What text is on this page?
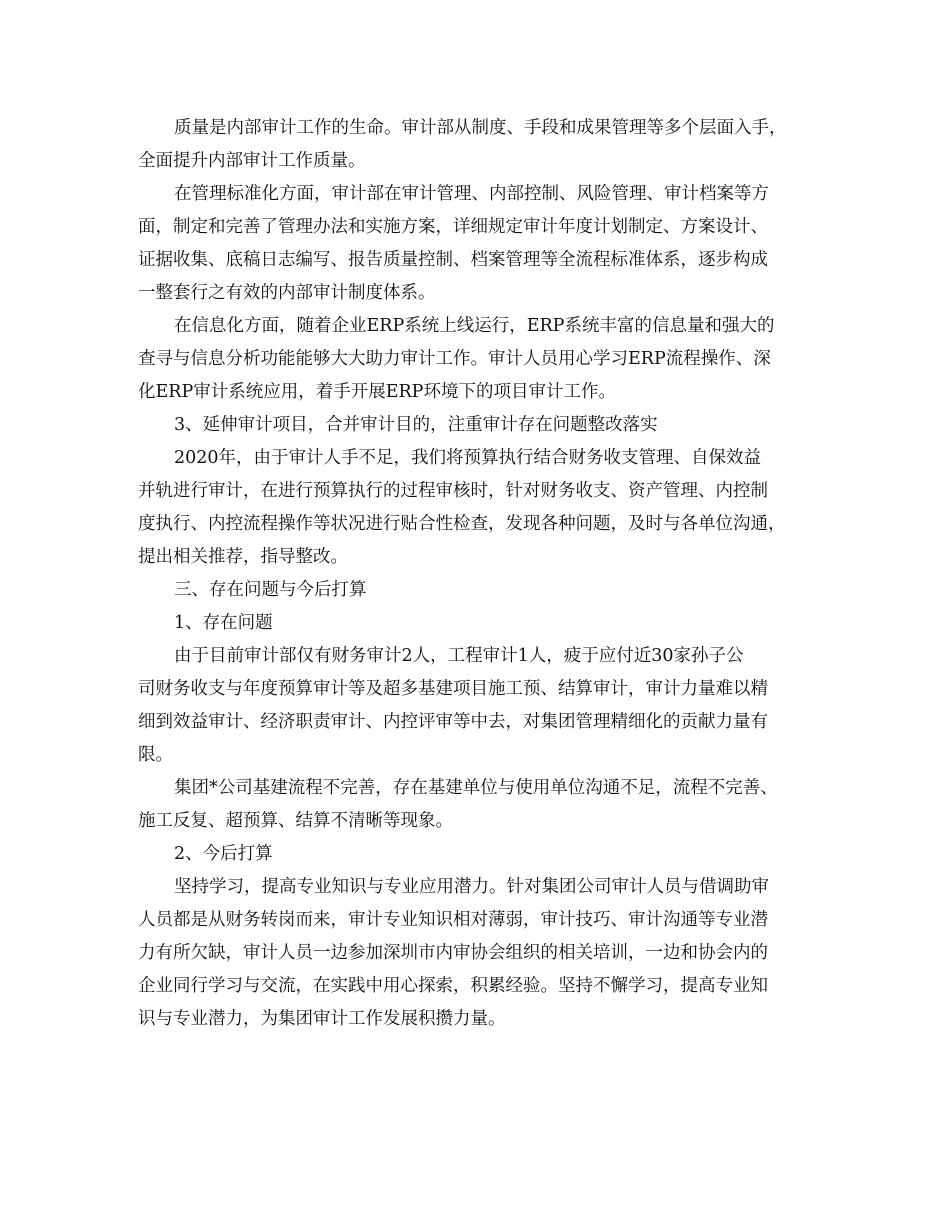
质量是内部审计工作的生命。审计部从制度、手段和成果管理等多个层面入手，
全面提升内部审计工作质量。
在管理标准化方面，审计部在审计管理、内部控制、风险管理、审计档案等方
面，制定和完善了管理办法和实施方案，详细规定审计年度计划制定、方案设计、
证据收集、底稿日志编写、报告质量控制、档案管理等全流程标准体系，逐步构成
一整套行之有效的内部审计制度体系。
在信息化方面，随着企业ERP系统上线运行，ERP系统丰富的信息量和强大的
查寻与信息分析功能能够大大助力审计工作。审计人员用心学习ERP流程操作、深
化ERP审计系统应用，着手开展ERP环境下的项目审计工作。
3、延伸审计项目，合并审计目的，注重审计存在问题整改落实
2020年，由于审计人手不足，我们将预算执行结合财务收支管理、自保效益
并轨进行审计，在进行预算执行的过程审核时，针对财务收支、资产管理、内控制
度执行、内控流程操作等状况进行贴合性检查，发现各种问题，及时与各单位沟通，
提出相关推荐，指导整改。
三、存在问题与今后打算
1、存在问题
由于目前审计部仅有财务审计2人，工程审计1人，疲于应付近30家孙子公
司财务收支与年度预算审计等及超多基建项目施工预、结算审计，审计力量难以精
细到效益审计、经济职责审计、内控评审等中去，对集团管理精细化的贡献力量有
限。
集团*公司基建流程不完善，存在基建单位与使用单位沟通不足，流程不完善、
施工反复、超预算、结算不清晰等现象。
2、今后打算
坚持学习，提高专业知识与专业应用潜力。针对集团公司审计人员与借调助审
人员都是从财务转岗而来，审计专业知识相对薄弱，审计技巧、审计沟通等专业潜
力有所欠缺，审计人员一边参加深圳市内审协会组织的相关培训，一边和协会内的
企业同行学习与交流，在实践中用心探索，积累经验。坚持不懈学习，提高专业知
识与专业潜力，为集团审计工作发展积攒力量。
